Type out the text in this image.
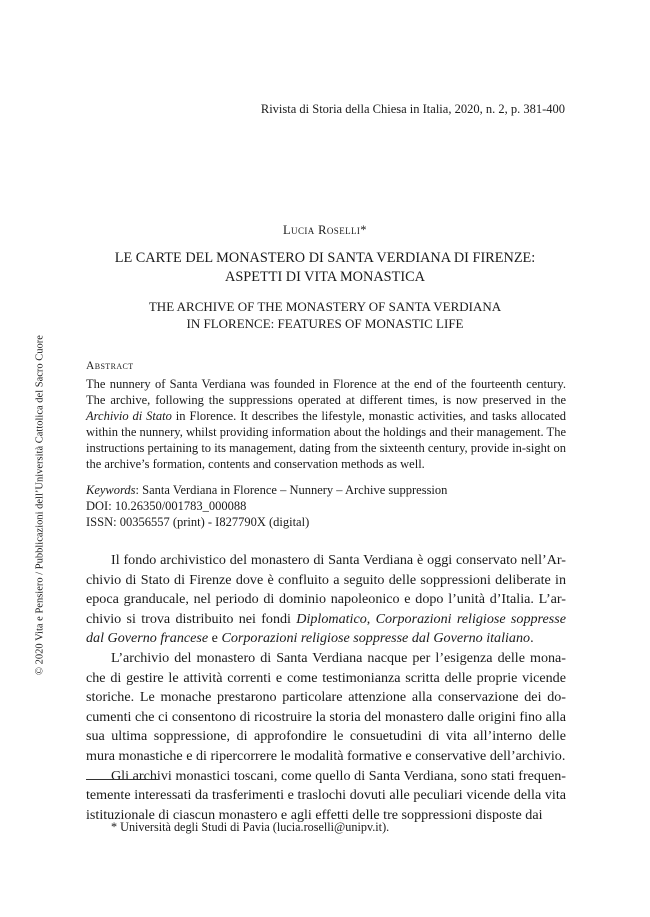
Rivista di Storia della Chiesa in Italia, 2020, n. 2, p. 381-400
Lucia Roselli*
LE CARTE DEL MONASTERO DI SANTA VERDIANA DI FIRENZE:
ASPETTI DI VITA MONASTICA
THE ARCHIVE OF THE MONASTERY OF SANTA VERDIANA
IN FLORENCE: FEATURES OF MONASTIC LIFE
Abstract
The nunnery of Santa Verdiana was founded in Florence at the end of the fourteenth century. The archive, following the suppressions operated at different times, is now preserved in the Archivio di Stato in Florence. It describes the lifestyle, monastic activities, and tasks allocated within the nunnery, whilst providing information about the holdings and their management. The instructions pertaining to its management, dating from the sixteenth century, provide in-sight on the archive’s formation, contents and conservation methods as well.
Keywords: Santa Verdiana in Florence – Nunnery – Archive suppression
DOI: 10.26350/001783_000088
ISSN: 00356557 (print) - I827790X (digital)

Il fondo archivistico del monastero di Santa Verdiana è oggi conservato nell’Ar-chivio di Stato di Firenze dove è confluito a seguito delle soppressioni deliberate in epoca granducale, nel periodo di dominio napoleonico e dopo l’unità d’Italia. L’ar-chivio si trova distribuito nei fondi Diplomatico, Corporazioni religiose soppresse dal Governo francese e Corporazioni religiose soppresse dal Governo italiano.

L’archivio del monastero di Santa Verdiana nacque per l’esigenza delle mona-che di gestire le attività correnti e come testimonianza scritta delle proprie vicende storiche. Le monache prestarono particolare attenzione alla conservazione dei do-cumenti che ci consentono di ricostruire la storia del monastero dalle origini fino alla sua ultima soppressione, di approfondire le consuetudini di vita all’interno delle mura monastiche e di ripercorrere le modalità formative e conservative dell’archivio.

Gli archivi monastici toscani, come quello di Santa Verdiana, sono stati frequen-temente interessati da trasferimenti e traslochi dovuti alle peculiari vicende della vita istituzionale di ciascun monastero e agli effetti delle tre soppressioni disposte dai

* Università degli Studi di Pavia (lucia.roselli@unipv.it).
© 2020 Vita e Pensiero / Pubblicazioni dell’Università Cattolica del Sacro Cuore
